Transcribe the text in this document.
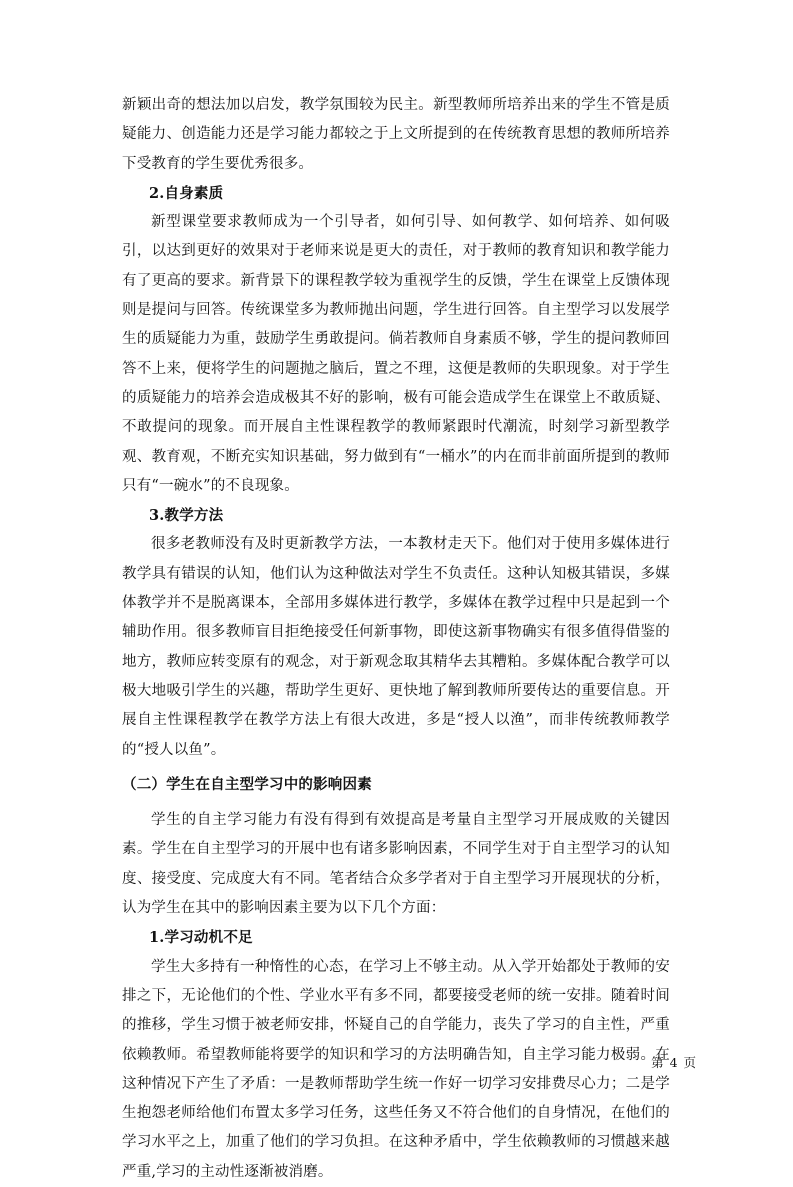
新颖出奇的想法加以启发，教学氛围较为民主。新型教师所培养出来的学生不管是质疑能力、创造能力还是学习能力都较之于上文所提到的在传统教育思想的教师所培养下受教育的学生要优秀很多。

2.自身素质

新型课堂要求教师成为一个引导者，如何引导、如何教学、如何培养、如何吸引，以达到更好的效果对于老师来说是更大的责任，对于教师的教育知识和教学能力有了更高的要求。新背景下的课程教学较为重视学生的反馈，学生在课堂上反馈体现则是提问与回答。传统课堂多为教师抛出问题，学生进行回答。自主型学习以发展学生的质疑能力为重，鼓励学生勇敢提问。倘若教师自身素质不够，学生的提问教师回答不上来，便将学生的问题抛之脑后，置之不理，这便是教师的失职现象。对于学生的质疑能力的培养会造成极其不好的影响，极有可能会造成学生在课堂上不敢质疑、不敢提问的现象。而开展自主性课程教学的教师紧跟时代潮流，时刻学习新型教学观、教育观，不断充实知识基础，努力做到有“一桶水”的内在而非前面所提到的教师只有“一碗水”的不良现象。

3.教学方法

很多老教师没有及时更新教学方法，一本教材走天下。他们对于使用多媒体进行教学具有错误的认知，他们认为这种做法对学生不负责任。这种认知极其错误，多媒体教学并不是脱离课本，全部用多媒体进行教学，多媒体在教学过程中只是起到一个辅助作用。很多教师盲目拒绝接受任何新事物，即使这新事物确实有很多值得借鉴的地方，教师应转变原有的观念，对于新观念取其精华去其糟粕。多媒体配合教学可以极大地吸引学生的兴趣，帮助学生更好、更快地了解到教师所要传达的重要信息。开展自主性课程教学在教学方法上有很大改进，多是“授人以渔”，而非传统教师教学的“授人以鱼”。

（二）学生在自主型学习中的影响因素

学生的自主学习能力有没有得到有效提高是考量自主型学习开展成败的关键因素。学生在自主型学习的开展中也有诸多影响因素，不同学生对于自主型学习的认知度、接受度、完成度大有不同。笔者结合众多学者对于自主型学习开展现状的分析，认为学生在其中的影响因素主要为以下几个方面：

1.学习动机不足

学生大多持有一种惰性的心态，在学习上不够主动。从入学开始都处于教师的安排之下，无论他们的个性、学业水平有多不同，都要接受老师的统一安排。随着时间的推移，学生习惯于被老师安排，怀疑自己的自学能力，丧失了学习的自主性，严重依赖教师。希望教师能将要学的知识和学习的方法明确告知，自主学习能力极弱。在这种情况下产生了矛盾：一是教师帮助学生统一作好一切学习安排费尽心力；二是学生抱怨老师给他们布置太多学习任务，这些任务又不符合他们的自身情况，在他们的学习水平之上，加重了他们的学习负担。在这种矛盾中，学生依赖教师的习惯越来越严重,学习的主动性逐渐被消磨。

第 4 页
